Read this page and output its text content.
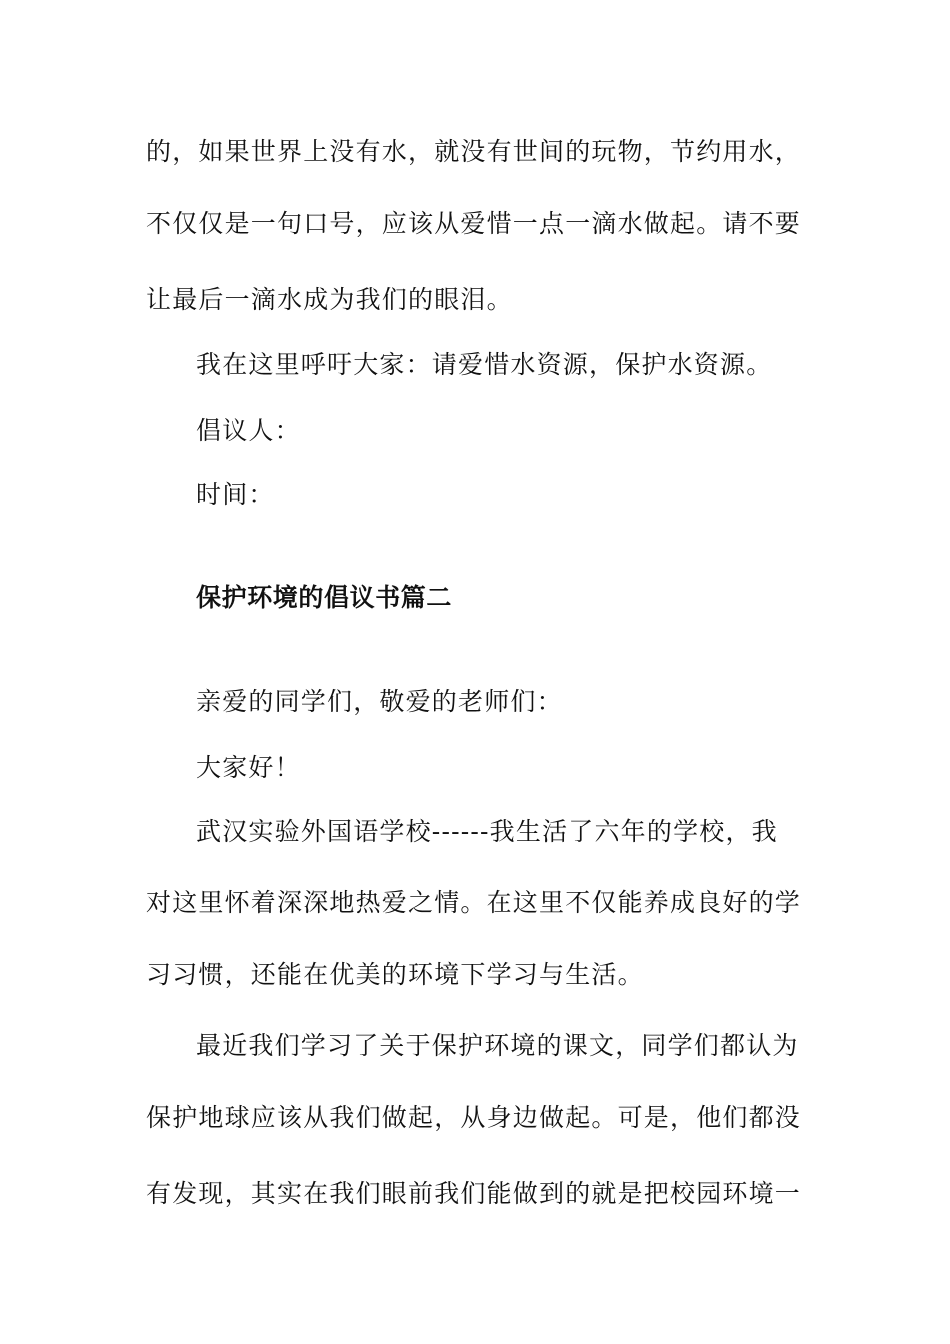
的，如果世界上没有水，就没有世间的玩物，节约用水，
不仅仅是一句口号，应该从爱惜一点一滴水做起。请不要
让最后一滴水成为我们的眼泪。
我在这里呼吁大家：请爱惜水资源，保护水资源。
倡议人：
时间：
保护环境的倡议书篇二
亲爱的同学们，敬爱的老师们：
大家好！
武汉实验外国语学校------我生活了六年的学校，我
对这里怀着深深地热爱之情。在这里不仅能养成良好的学
习习惯，还能在优美的环境下学习与生活。
最近我们学习了关于保护环境的课文，同学们都认为
保护地球应该从我们做起，从身边做起。可是，他们都没
有发现，其实在我们眼前我们能做到的就是把校园环境一
